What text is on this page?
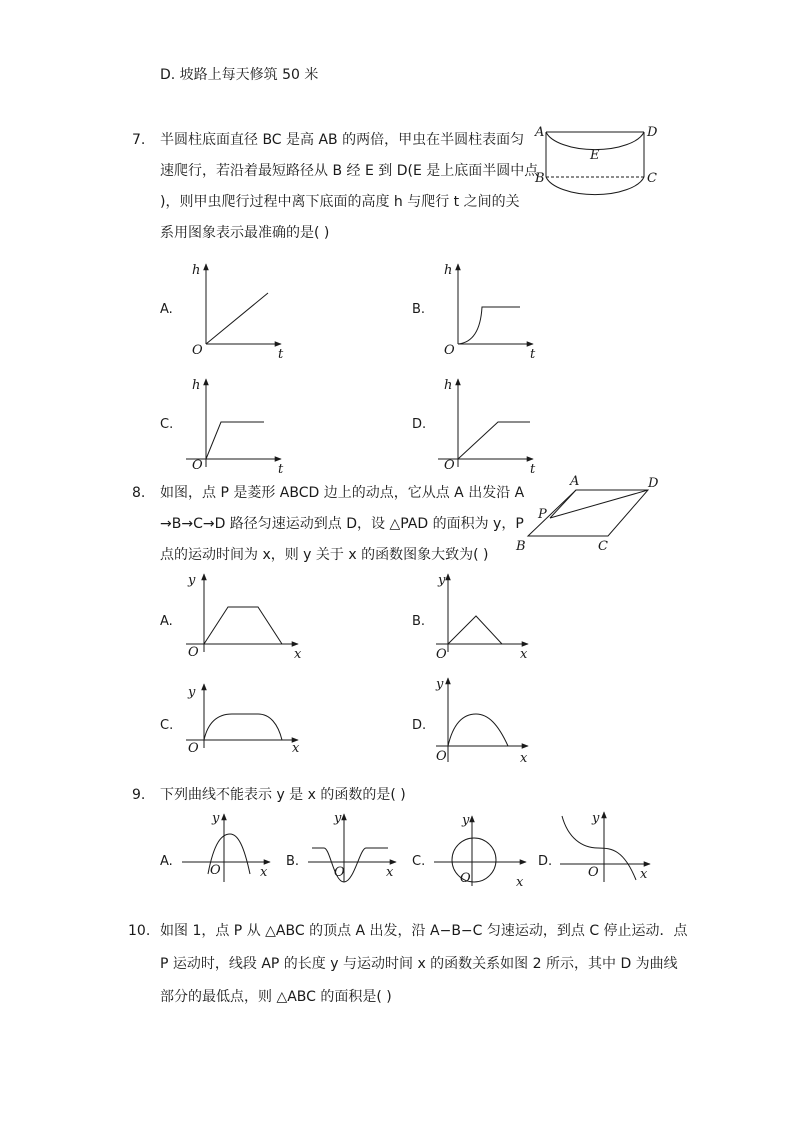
D. 坡路上每天修筑 50 米
7. 半圆柱底面直径 BC 是高 AB 的两倍，甲虫在半圆柱表面匀
速爬行，若沿着最短路径从 B 经 E 到 D(E 是上底面半圆中点
)，则甲虫爬行过程中离下底面的高度 h 与爬行 t 之间的关
系用图象表示最准确的是( )
A	D
E
B	C
A.
h
t
O
B.
h
t
O
C.
h
t
O
D.
h
t
O
8. 如图，点 P 是菱形 ABCD 边上的动点，它从点 A 出发沿 A
→B→C→D 路径匀速运动到点 D，设 △PAD 的面积为 y，P
点的运动时间为 x，则 y 关于 x 的函数图象大致为( )
A	D
P
B	C
A.
y
x
O
B.
y
x
O
C.
y
x
O
D.
y
x
O
9. 下列曲线不能表示 y 是 x 的函数的是( )
A.
y
x
O
B.
y
x
O
C.
y
x
O
D.
y
x
O
10. 如图 1，点 P 从 △ABC 的顶点 A 出发，沿 A−B−C 匀速运动，到点 C 停止运动．点
P 运动时，线段 AP 的长度 y 与运动时间 x 的函数关系如图 2 所示，其中 D 为曲线
部分的最低点，则 △ABC 的面积是( )
